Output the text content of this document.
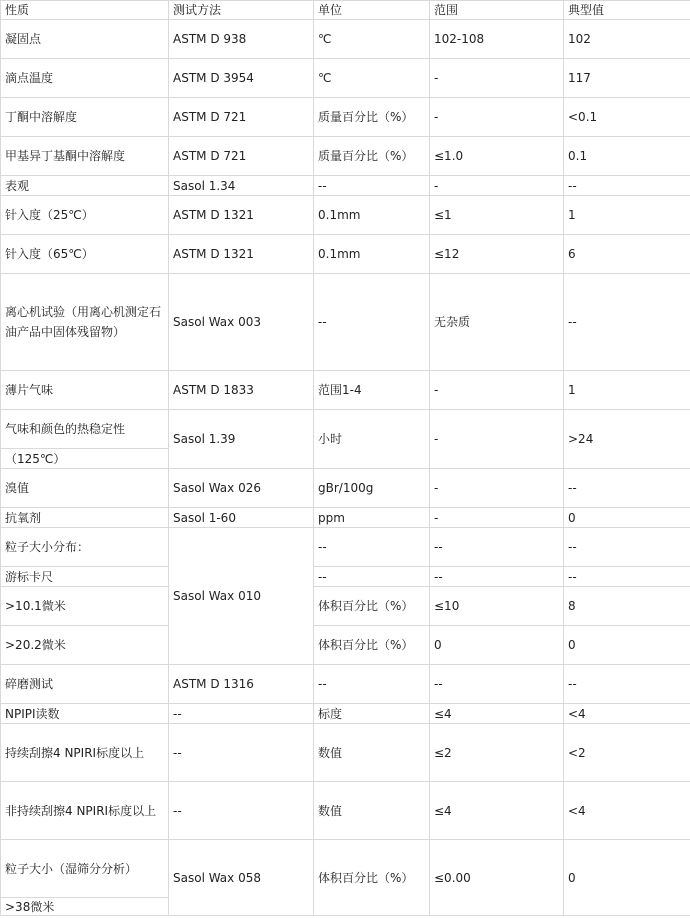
性质	测试方法	单位	范围	典型值
凝固点	ASTM D 938	℃	102-108	102
滴点温度	ASTM D 3954	℃	-	117
丁酮中溶解度	ASTM D 721	质量百分比（%）	-	<0.1
甲基异丁基酮中溶解度	ASTM D 721	质量百分比（%）	≤1.0	0.1
表观	Sasol 1.34	--	-	--
针入度（25℃）	ASTM D 1321	0.1mm	≤1	1
针入度（65℃）	ASTM D 1321	0.1mm	≤12	6
离心机试验（用离心机测定石油产品中固体残留物）	Sasol Wax 003	--	无杂质	--
薄片气味	ASTM D 1833	范围1-4	-	1
气味和颜色的热稳定性	Sasol 1.39	小时	-	>24
（125℃）				
溴值	Sasol Wax 026	gBr/100g	-	--
抗氧剂	Sasol 1-60	ppm	-	0
粒子大小分布：	Sasol Wax 010	--	--	--
游标卡尺		--	--	--
>10.1微米		体积百分比（%）	≤10	8
>20.2微米		体积百分比（%）	0	0
碎磨测试	ASTM D 1316	--	--	--
NPIPI读数	--	标度	≤4	<4
持续刮擦4 NPIRI标度以上	--	数值	≤2	<2
非持续刮擦4 NPIRI标度以上	--	数值	≤4	<4
粒子大小（湿筛分分析）	Sasol Wax 058	体积百分比（%）	≤0.00	0
>38微米				
